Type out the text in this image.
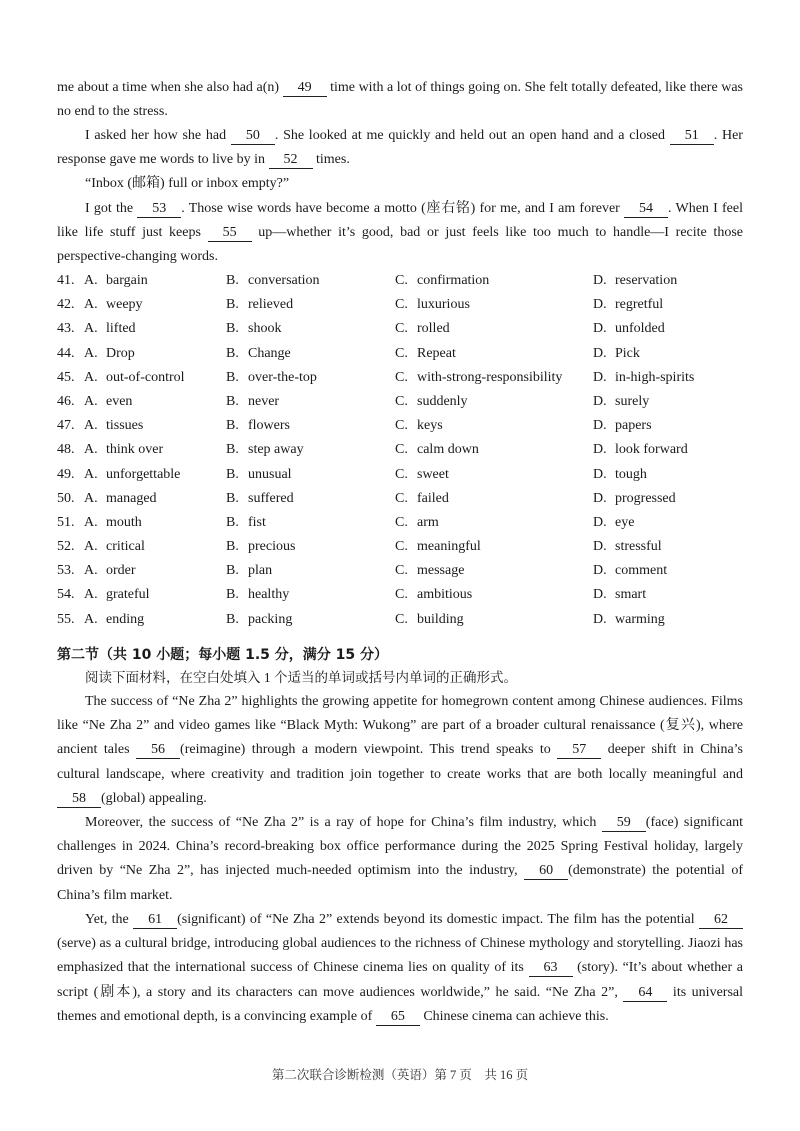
me about a time when she also had a(n) 49 time with a lot of things going on. She felt totally defeated, like there was no end to the stress.

I asked her how she had 50 . She looked at me quickly and held out an open hand and a closed 51 . Her response gave me words to live by in 52 times.

“Inbox (邮箱) full or inbox empty?”

I got the 53 . Those wise words have become a motto (座右铭) for me, and I am forever 54 . When I feel like life stuff just keeps 55 up—whether it’s good, bad or just feels like too much to handle—I recite those perspective-changing words.

41. A. bargain	B. conversation	C. confirmation	D. reservation
42. A. weepy	B. relieved	C. luxurious	D. regretful
43. A. lifted	B. shook	C. rolled	D. unfolded
44. A. Drop	B. Change	C. Repeat	D. Pick
45. A. out-of-control	B. over-the-top	C. with-strong-responsibility D. in-high-spirits
46. A. even	B. never	C. suddenly	D. surely
47. A. tissues	B. flowers	C. keys	D. papers
48. A. think over	B. step away	C. calm down	D. look forward
49. A. unforgettable	B. unusual	C. sweet	D. tough
50. A. managed	B. suffered	C. failed	D. progressed
51. A. mouth	B. fist	C. arm	D. eye
52. A. critical	B. precious	C. meaningful	D. stressful
53. A. order	B. plan	C. message	D. comment
54. A. grateful	B. healthy	C. ambitious	D. smart
55. A. ending	B. packing	C. building	D. warming
第二节（共 10 小题；每小题 1.5 分，满分 15 分）
阅读下面材料，在空白处填入 1 个适当的单词或括号内单词的正确形式。

The success of “Ne Zha 2” highlights the growing appetite for homegrown content among Chinese audiences. Films like “Ne Zha 2” and video games like “Black Myth: Wukong” are part of a broader cultural renaissance (复兴), where ancient tales 56 (reimagine) through a modern viewpoint. This trend speaks to 57 deeper shift in China’s cultural landscape, where creativity and tradition join together to create works that are both locally meaningful and 58 (global) appealing.

Moreover, the success of “Ne Zha 2” is a ray of hope for China’s film industry, which 59 (face) significant challenges in 2024. China’s record-breaking box office performance during the 2025 Spring Festival holiday, largely driven by “Ne Zha 2”, has injected much-needed optimism into the industry, 60 (demonstrate) the potential of China’s film market.

Yet, the 61 (significant) of “Ne Zha 2” extends beyond its domestic impact. The film has the potential 62(serve) as a cultural bridge, introducing global audiences to the richness of Chinese mythology and storytelling. Jiaozi has emphasized that the international success of Chinese cinema lies on quality of its 63 (story). “It’s about whether a script (剧本), a story and its characters can move audiences worldwide,” he said. “Ne Zha 2”, 64 its universal themes and emotional depth, is a convincing example of 65 Chinese cinema can achieve this.

第二次联合诊断检测（英语）第 7 页　共 16 页
